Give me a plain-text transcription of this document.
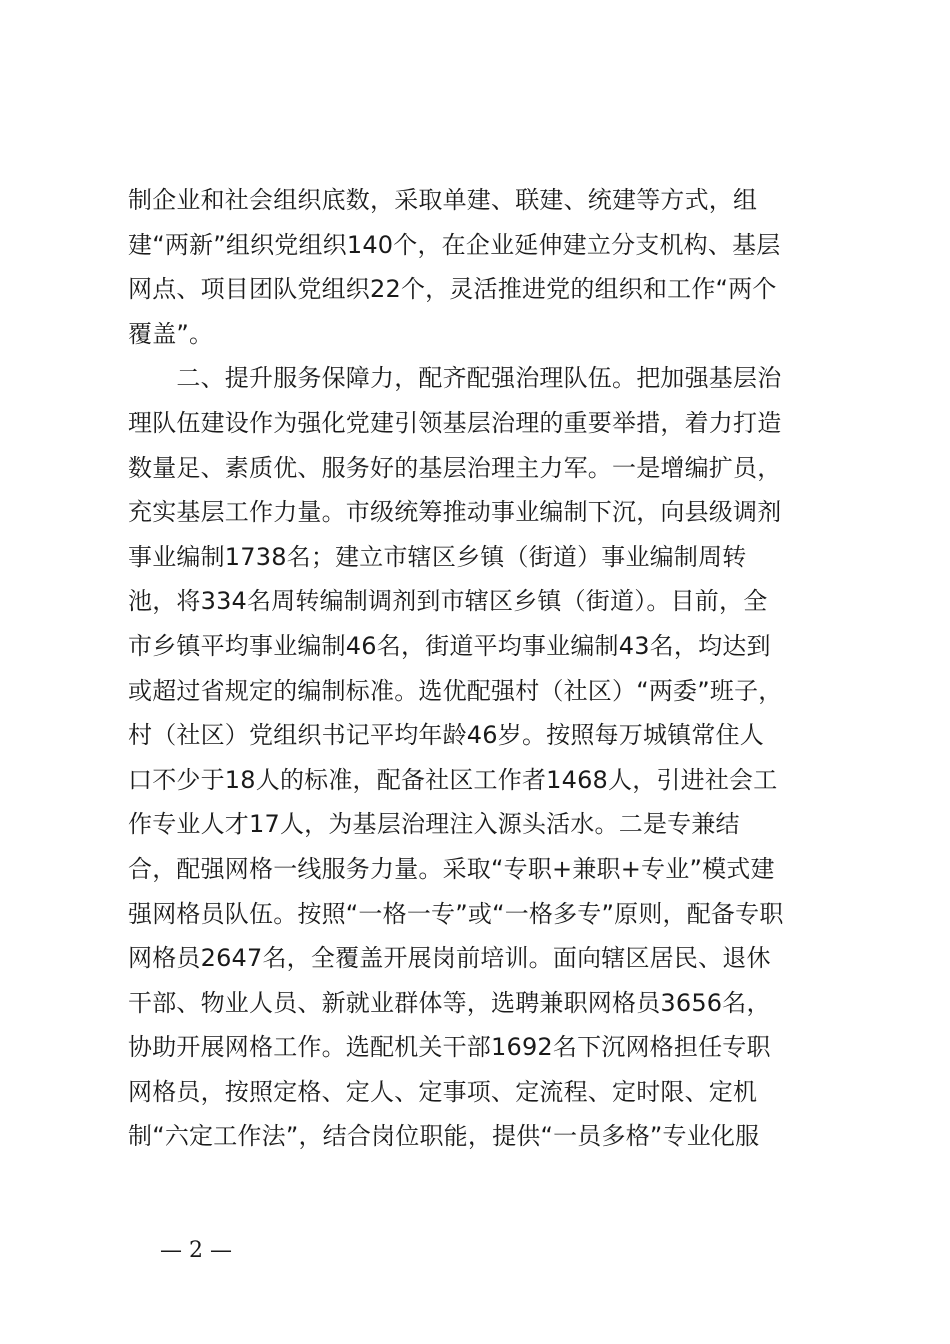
制企业和社会组织底数，采取单建、联建、统建等方式，组
建“两新”组织党组织140个，在企业延伸建立分支机构、基层
网点、项目团队党组织22个，灵活推进党的组织和工作“两个
覆盖”。
　　二、提升服务保障力，配齐配强治理队伍。把加强基层治
理队伍建设作为强化党建引领基层治理的重要举措，着力打造
数量足、素质优、服务好的基层治理主力军。一是增编扩员，
充实基层工作力量。市级统筹推动事业编制下沉，向县级调剂
事业编制1738名；建立市辖区乡镇（街道）事业编制周转
池，将334名周转编制调剂到市辖区乡镇（街道）。目前，全
市乡镇平均事业编制46名，街道平均事业编制43名，均达到
或超过省规定的编制标准。选优配强村（社区）“两委”班子，
村（社区）党组织书记平均年龄46岁。按照每万城镇常住人
口不少于18人的标准，配备社区工作者1468人，引进社会工
作专业人才17人，为基层治理注入源头活水。二是专兼结
合，配强网格一线服务力量。采取“专职+兼职+专业”模式建
强网格员队伍。按照“一格一专”或“一格多专”原则，配备专职
网格员2647名，全覆盖开展岗前培训。面向辖区居民、退休
干部、物业人员、新就业群体等，选聘兼职网格员3656名，
协助开展网格工作。选配机关干部1692名下沉网格担任专职
网格员，按照定格、定人、定事项、定流程、定时限、定机
制“六定工作法”，结合岗位职能，提供“一员多格”专业化服
— 2 —
